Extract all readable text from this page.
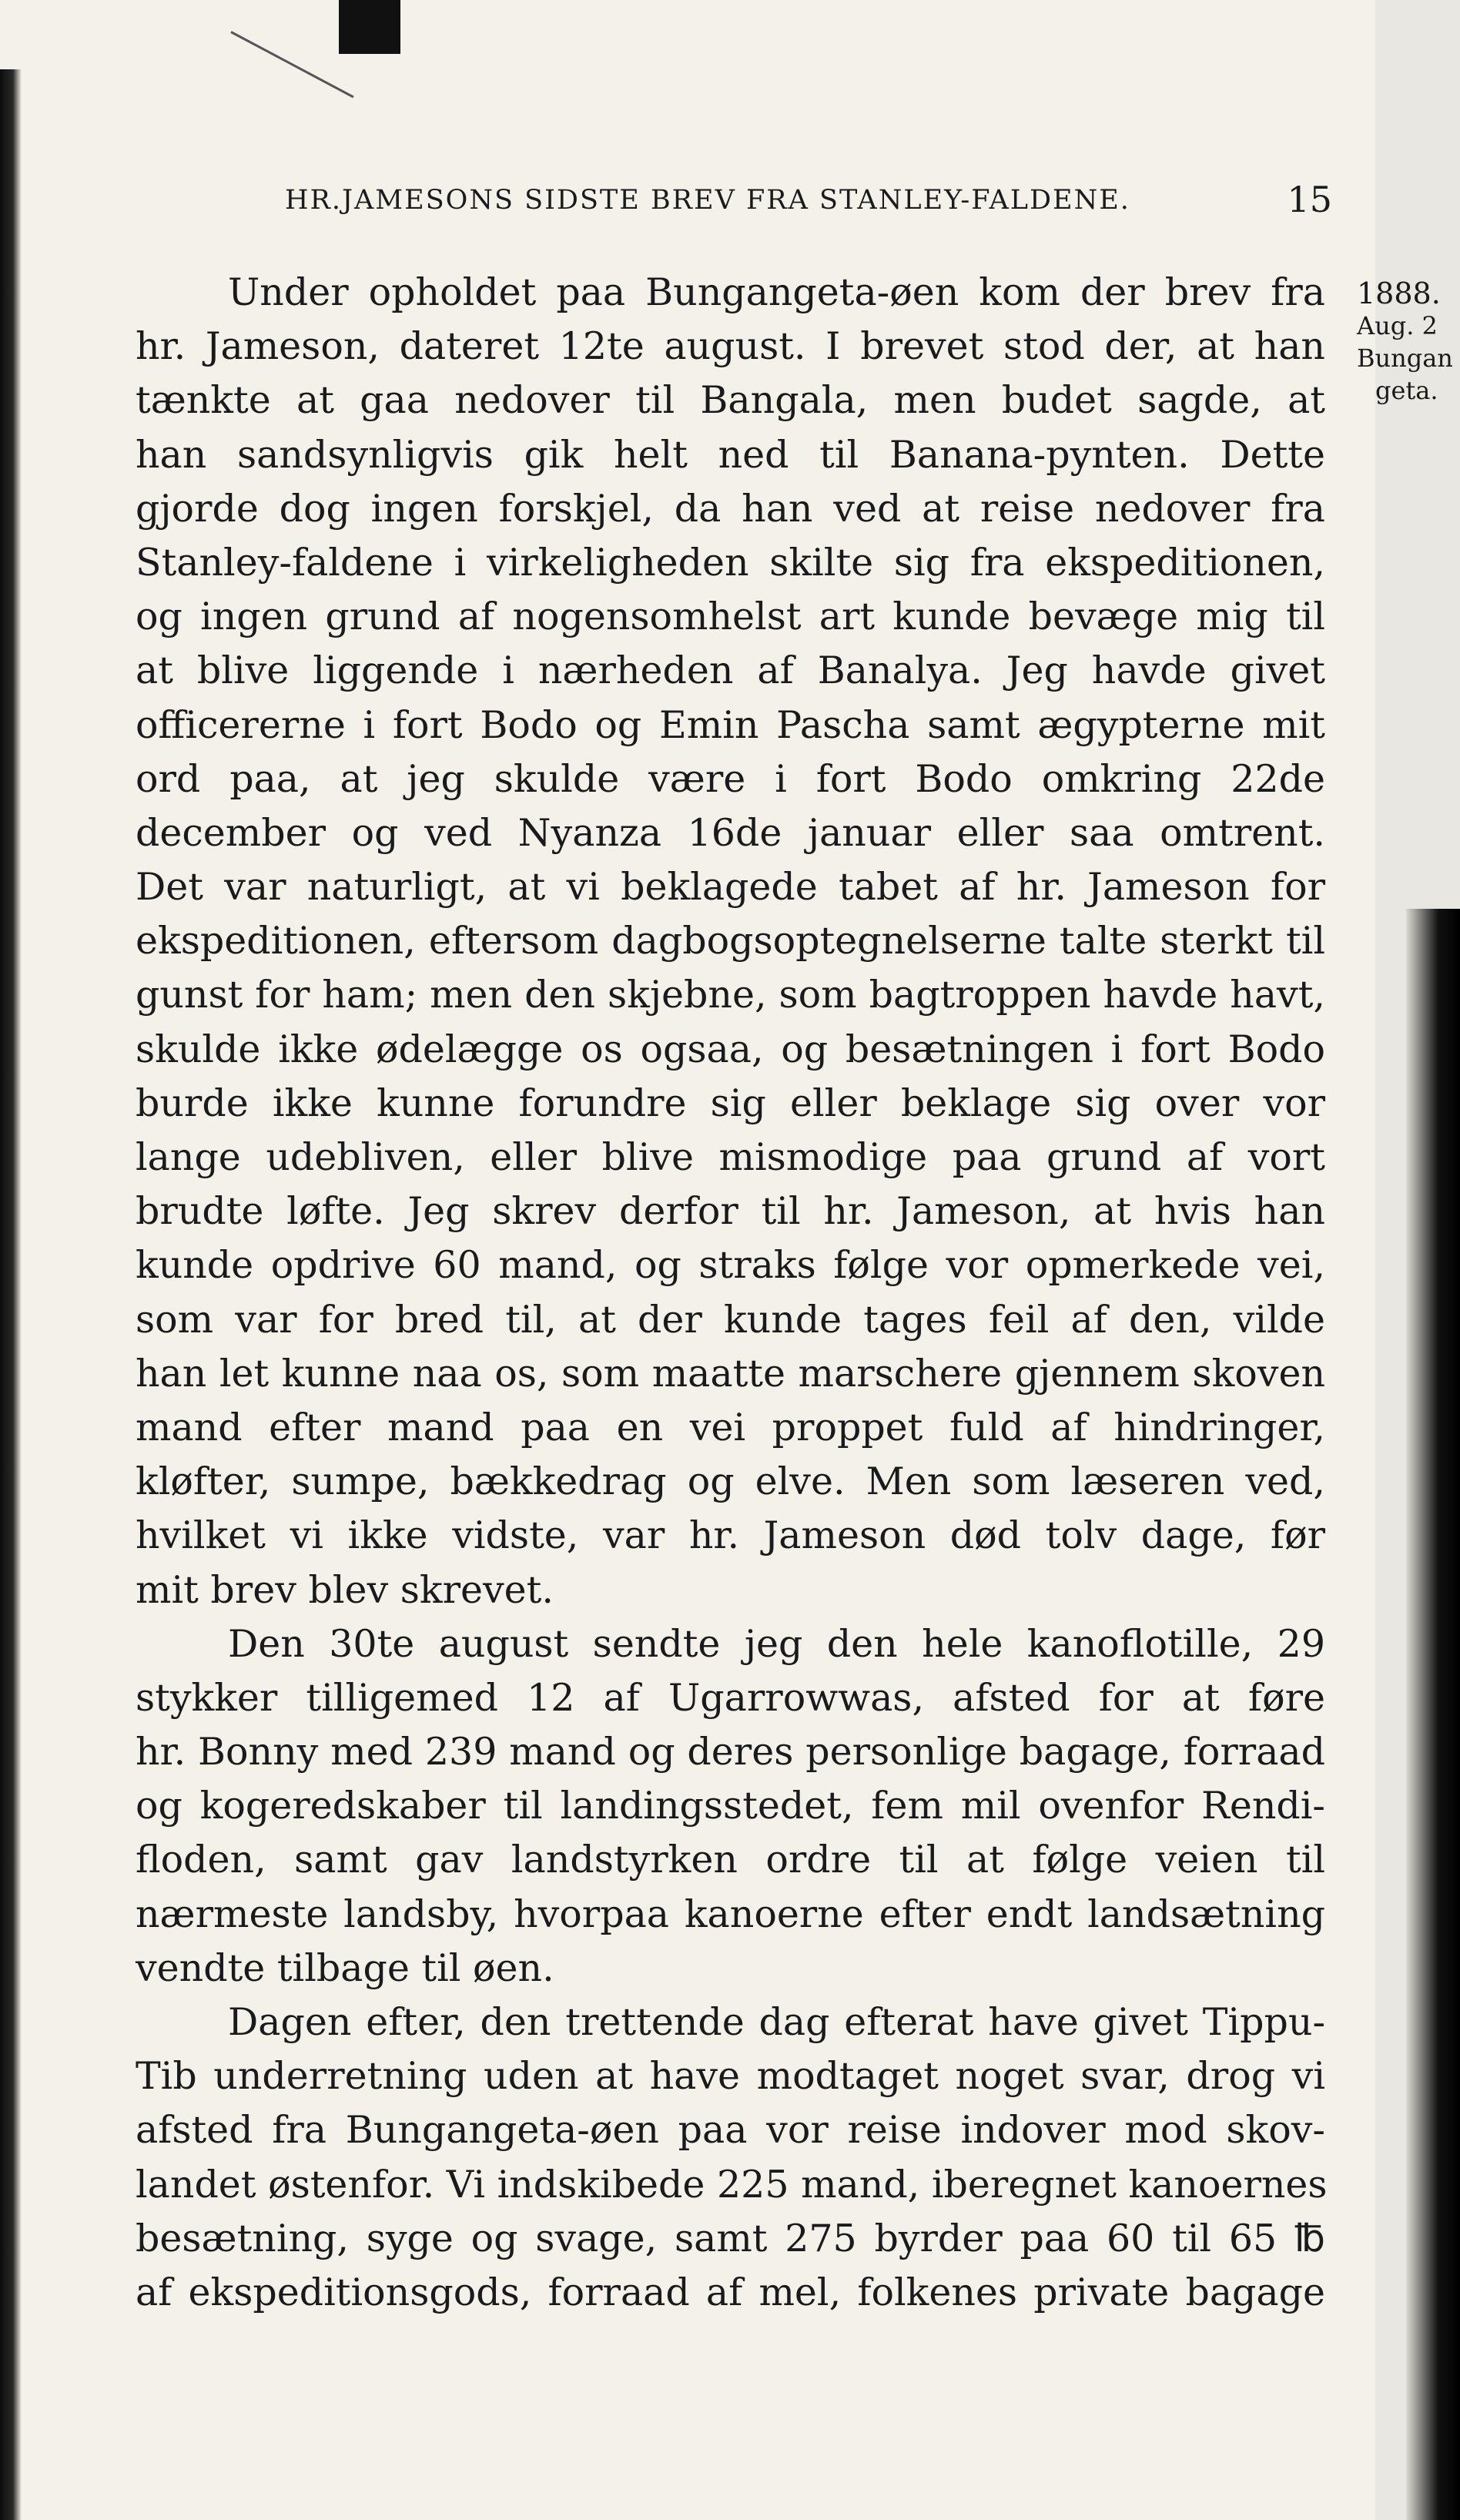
HR.JAMESONS SIDSTE BREV FRA STANLEY-FALDENE.	15
1888.
Aug. 2
Bungan
geta.
Under opholdet paa Bungangeta-øen kom der brev fra
hr. Jameson, dateret 12te august. I brevet stod der, at han
tænkte at gaa nedover til Bangala, men budet sagde, at
han sandsynligvis gik helt ned til Banana-pynten. Dette
gjorde dog ingen forskjel, da han ved at reise nedover fra
Stanley-faldene i virkeligheden skilte sig fra ekspeditionen,
og ingen grund af nogensomhelst art kunde bevæge mig til
at blive liggende i nærheden af Banalya. Jeg havde givet
officererne i fort Bodo og Emin Pascha samt ægypterne mit
ord paa, at jeg skulde være i fort Bodo omkring 22de
december og ved Nyanza 16de januar eller saa omtrent.
Det var naturligt, at vi beklagede tabet af hr. Jameson for
ekspeditionen, eftersom dagbogsoptegnelserne talte sterkt til
gunst for ham; men den skjebne, som bagtroppen havde havt,
skulde ikke ødelægge os ogsaa, og besætningen i fort Bodo
burde ikke kunne forundre sig eller beklage sig over vor
lange udebliven, eller blive mismodige paa grund af vort
brudte løfte. Jeg skrev derfor til hr. Jameson, at hvis han
kunde opdrive 60 mand, og straks følge vor opmerkede vei,
som var for bred til, at der kunde tages feil af den, vilde
han let kunne naa os, som maatte marschere gjennem skoven
mand efter mand paa en vei proppet fuld af hindringer,
kløfter, sumpe, bækkedrag og elve. Men som læseren ved,
hvilket vi ikke vidste, var hr. Jameson død tolv dage, før
mit brev blev skrevet.
Den 30te august sendte jeg den hele kanoflotille, 29
stykker tilligemed 12 af Ugarrowwas, afsted for at føre
hr. Bonny med 239 mand og deres personlige bagage, forraad
og kogeredskaber til landingsstedet, fem mil ovenfor Rendi-
floden, samt gav landstyrken ordre til at følge veien til
nærmeste landsby, hvorpaa kanoerne efter endt landsætning
vendte tilbage til øen.
Dagen efter, den trettende dag efterat have givet Tippu-
Tib underretning uden at have modtaget noget svar, drog vi
afsted fra Bungangeta-øen paa vor reise indover mod skov-
landet østenfor. Vi indskibede 225 mand, iberegnet kanoernes
besætning, syge og svage, samt 275 byrder paa 60 til 65 ℔
af ekspeditionsgods, forraad af mel, folkenes private bagage
